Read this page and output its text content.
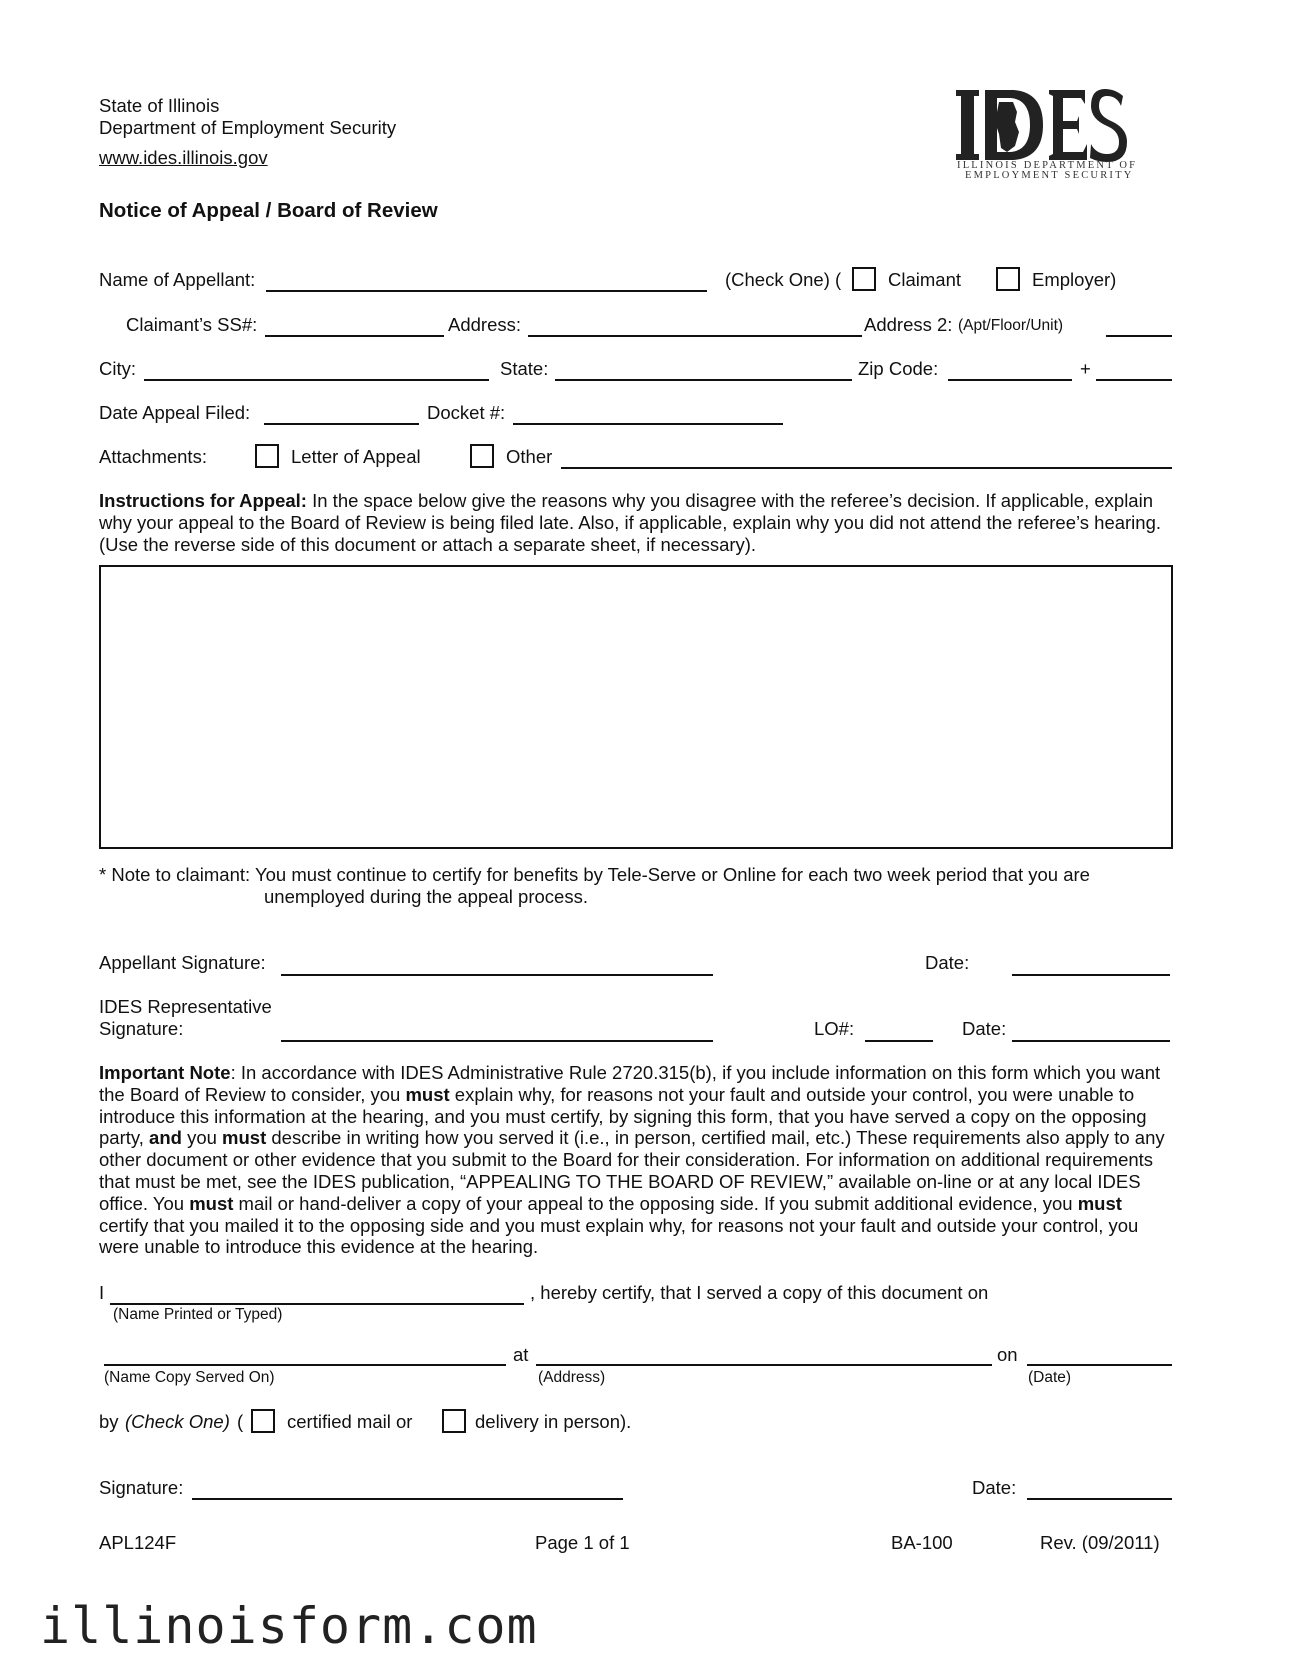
State of Illinois
Department of Employment Security
www.ides.illinois.gov	ILLINOIS DEPARTMENT OF
EMPLOYMENT SECURITY
Notice of Appeal / Board of Review
Name of Appellant:	(Check One) (	Claimant	Employer)
Claimant’s SS#:	Address:	Address 2: (Apt/Floor/Unit)
City:	State:	Zip Code:	+
Date Appeal Filed:	Docket #:
Attachments:	Letter of Appeal	Other
Instructions for Appeal: In the space below give the reasons why you disagree with the referee’s decision. If applicable, explain why your appeal to the Board of Review is being filed late. Also, if applicable, explain why you did not attend the referee’s hearing. (Use the reverse side of this document or attach a separate sheet, if necessary).
* Note to claimant: You must continue to certify for benefits by Tele-Serve or Online for each two week period that you are
unemployed during the appeal process.
Appellant Signature:	Date:
IDES Representative
Signature:	LO#:	Date:
Important Note: In accordance with IDES Administrative Rule 2720.315(b), if you include information on this form which you want the Board of Review to consider, you must explain why, for reasons not your fault and outside your control, you were unable to introduce this information at the hearing, and you must certify, by signing this form, that you have served a copy on the opposing party, and you must describe in writing how you served it (i.e., in person, certified mail, etc.) These requirements also apply to any other document or other evidence that you submit to the Board for their consideration. For information on additional requirements that must be met, see the IDES publication, “APPEALING TO THE BOARD OF REVIEW,” available on-line or at any local IDES office. You must mail or hand-deliver a copy of your appeal to the opposing side. If you submit additional evidence, you must certify that you mailed it to the opposing side and you must explain why, for reasons not your fault and outside your control, you were unable to introduce this evidence at the hearing.
I	, hereby certify, that I served a copy of this document on
(Name Printed or Typed)
at	on
(Name Copy Served On)	(Address)	(Date)
by (Check One) ( certified mail or	delivery in person).
Signature:	Date:
APL124F	Page 1 of 1	BA-100	Rev. (09/2011)
illinoisform.com
